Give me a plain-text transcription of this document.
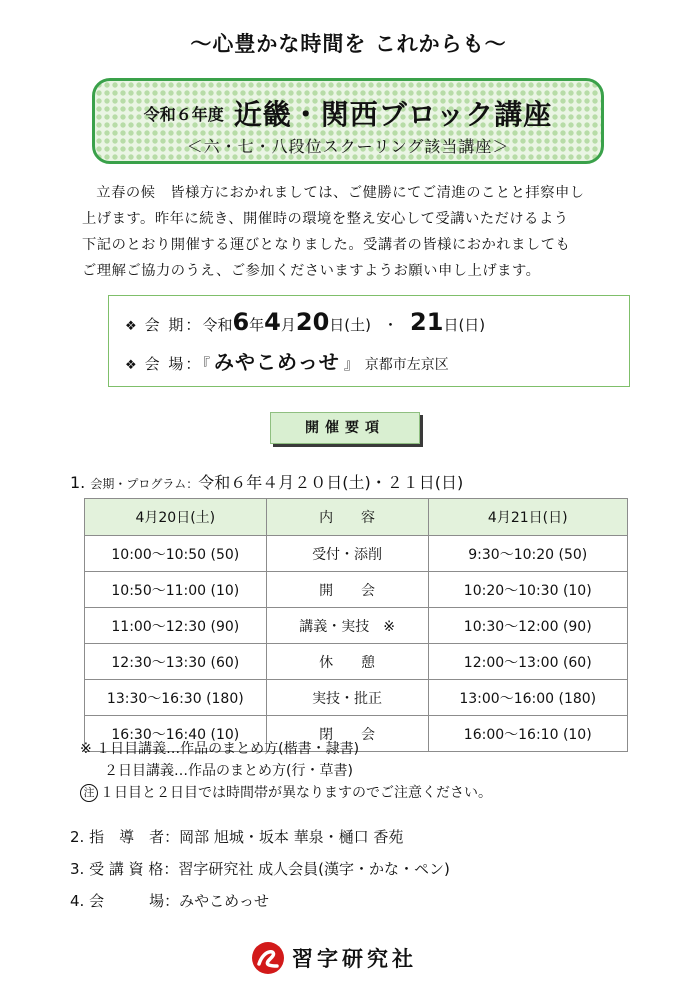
～心豊かな時間を これからも～
令和６年度 近畿・関西ブロック講座
＜六・七・八段位スクーリング該当講座＞

立春の候　皆様方におかれましては、ご健勝にてご清進のことと拝察申し

上げます。昨年に続き、開催時の環境を整え安心して受講いただけるよう

下記のとおり開催する運びとなりました。受講者の皆様におかれましても

ご理解ご協力のうえ、ご参加くださいますようお願い申し上げます。

❖ 会 期：令和6年4月20日(土) ・ 21日(日)
❖ 会 場：『 みやこめっせ 』 京都市左京区
開催要項
1. 会期・プログラム：令和６年４月２０日(土)・２１日(日)
4月20日(土)	内　　容	4月21日(日)
10:00～10:50 (50)	受付・添削	9:30～10:20 (50)
10:50～11:00 (10)	開　　会	10:20～10:30 (10)
11:00～12:30 (90)	講義・実技　※	10:30～12:00 (90)
12:30～13:30 (60)	休　　憩	12:00～13:00 (60)
13:30～16:30 (180)	実技・批正	13:00～16:00 (180)
16:30～16:40 (10)	閉　　会	16:00～16:10 (10)
※ １日目講義…作品のまとめ方(楷書・隷書)
２日目講義…作品のまとめ方(行・草書)
注 １日目と２日目では時間帯が異なりますのでご注意ください。
2. 指　導　者：岡部 旭城・坂本 華泉・樋口 香苑
3. 受 講 資 格：習字研究社 成人会員(漢字・かな・ペン)
4. 会　　　場：みやこめっせ
習字研究社
